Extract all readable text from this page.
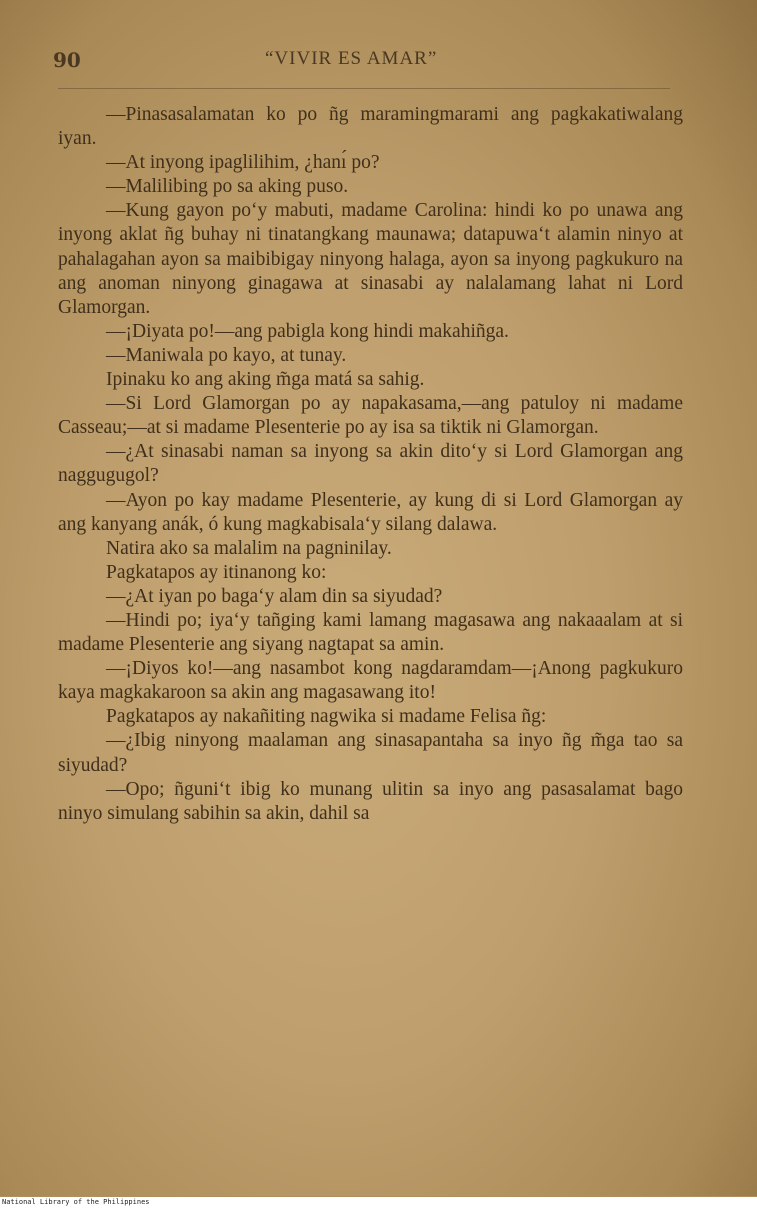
90	“VIVIR ES AMAR”

—Pinasasalamatan ko po ñg maramingmarami ang pagkakatiwalang iyan.

—At inyong ipaglilihim, ¿hanı́ po?

—Malilibing po sa aking puso.

—Kung gayon po‘y mabuti, madame Carolina: hindi ko po unawa ang inyong aklat ñg buhay ni tinatangkang maunawa; datapuwa‘t alamin ninyo at pahalagahan ayon sa maibibigay ninyong halaga, ayon sa inyong pagkukuro na ang anoman ninyong ginagawa at sinasabi ay nalalamang lahat ni Lord Glamorgan.

—¡Diyata po!—ang pabigla kong hindi makahiñga.

—Maniwala po kayo, at tunay.

Ipinaku ko ang aking m̃ga matá sa sahig.

—Si Lord Glamorgan po ay napakasama,—ang patuloy ni madame Casseau;—at si madame Plesenterie po ay isa sa tiktik ni Glamorgan.

—¿At sinasabi naman sa inyong sa akin dito‘y si Lord Glamorgan ang naggugugol?

—Ayon po kay madame Plesenterie, ay kung di si Lord Glamorgan ay ang kanyang anák, ó kung magkabisala‘y silang dalawa.

Natira ako sa malalim na pagninilay.

Pagkatapos ay itinanong ko:

—¿At iyan po baga‘y alam din sa siyudad?

—Hindi po; iya‘y tañging kami lamang magasawa ang nakaaalam at si madame Plesenterie ang siyang nagtapat sa amin.

—¡Diyos ko!—ang nasambot kong nagdaramdam—¡Anong pagkukuro kaya magkakaroon sa akin ang magasawang ito!

Pagkatapos ay nakañiting nagwika si madame Felisa ñg:

—¿Ibig ninyong maalaman ang sinasapantaha sa inyo ñg m̃ga tao sa siyudad?

—Opo; ñguni‘t ibig ko munang ulitin sa inyo ang pasasalamat bago ninyo simulang sabihin sa akin, dahil sa

National Library of the Philippines
